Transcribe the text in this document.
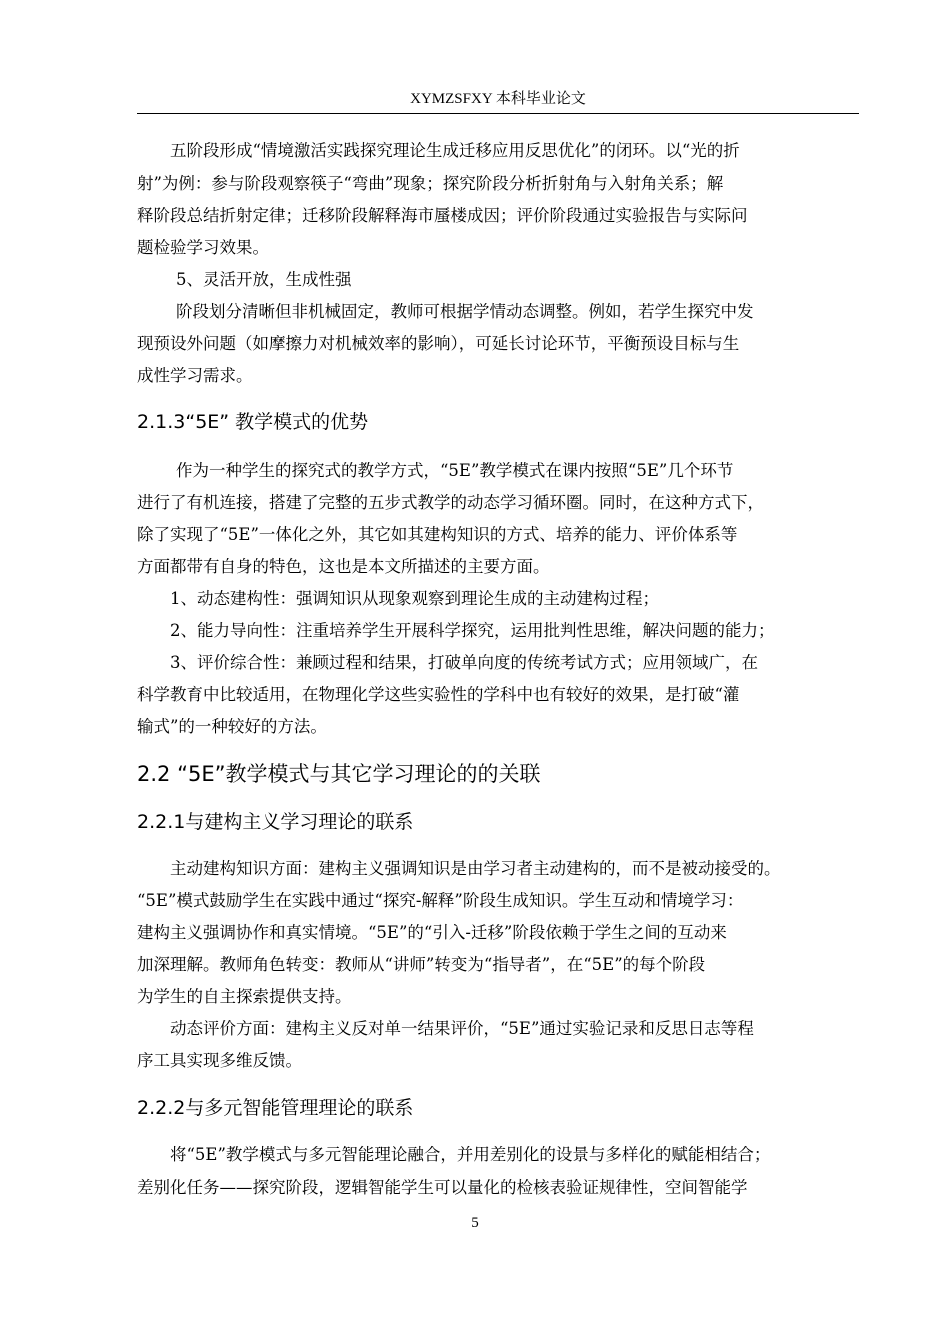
XYMZSFXY 本科毕业论文
五阶段形成“情境激活实践探究理论生成迁移应用反思优化”的闭环。以“光的折
射”为例：参与阶段观察筷子“弯曲”现象；探究阶段分析折射角与入射角关系；解
释阶段总结折射定律；迁移阶段解释海市蜃楼成因；评价阶段通过实验报告与实际问
题检验学习效果。
5、灵活开放，生成性强
阶段划分清晰但非机械固定，教师可根据学情动态调整。例如，若学生探究中发
现预设外问题（如摩擦力对机械效率的影响），可延长讨论环节，平衡预设目标与生
成性学习需求。
2.1.3“5E” 教学模式的优势
作为一种学生的探究式的教学方式，“5E”教学模式在课内按照“5E”几个环节
进行了有机连接，搭建了完整的五步式教学的动态学习循环圈。同时，在这种方式下，
除了实现了“5E”一体化之外，其它如其建构知识的方式、培养的能力、评价体系等
方面都带有自身的特色，这也是本文所描述的主要方面。
1、动态建构性：强调知识从现象观察到理论生成的主动建构过程；
2、能力导向性：注重培养学生开展科学探究，运用批判性思维，解决问题的能力；
3、评价综合性：兼顾过程和结果，打破单向度的传统考试方式；应用领域广，在
科学教育中比较适用，在物理化学这些实验性的学科中也有较好的效果，是打破“灌
输式”的一种较好的方法。
2.2 “5E”教学模式与其它学习理论的的关联
2.2.1与建构主义学习理论的联系
主动建构知识方面：建构主义强调知识是由学习者主动建构的，而不是被动接受的。
“5E”模式鼓励学生在实践中通过“探究-解释”阶段生成知识。学生互动和情境学习：
建构主义强调协作和真实情境。“5E”的“引入-迁移”阶段依赖于学生之间的互动来
加深理解。教师角色转变：教师从“讲师”转变为“指导者”，在“5E”的每个阶段
为学生的自主探索提供支持。
动态评价方面：建构主义反对单一结果评价，“5E”通过实验记录和反思日志等程
序工具实现多维反馈。
2.2.2与多元智能管理理论的联系
将“5E”教学模式与多元智能理论融合，并用差别化的设景与多样化的赋能相结合；
差别化任务——探究阶段，逻辑智能学生可以量化的检核表验证规律性，空间智能学
5
